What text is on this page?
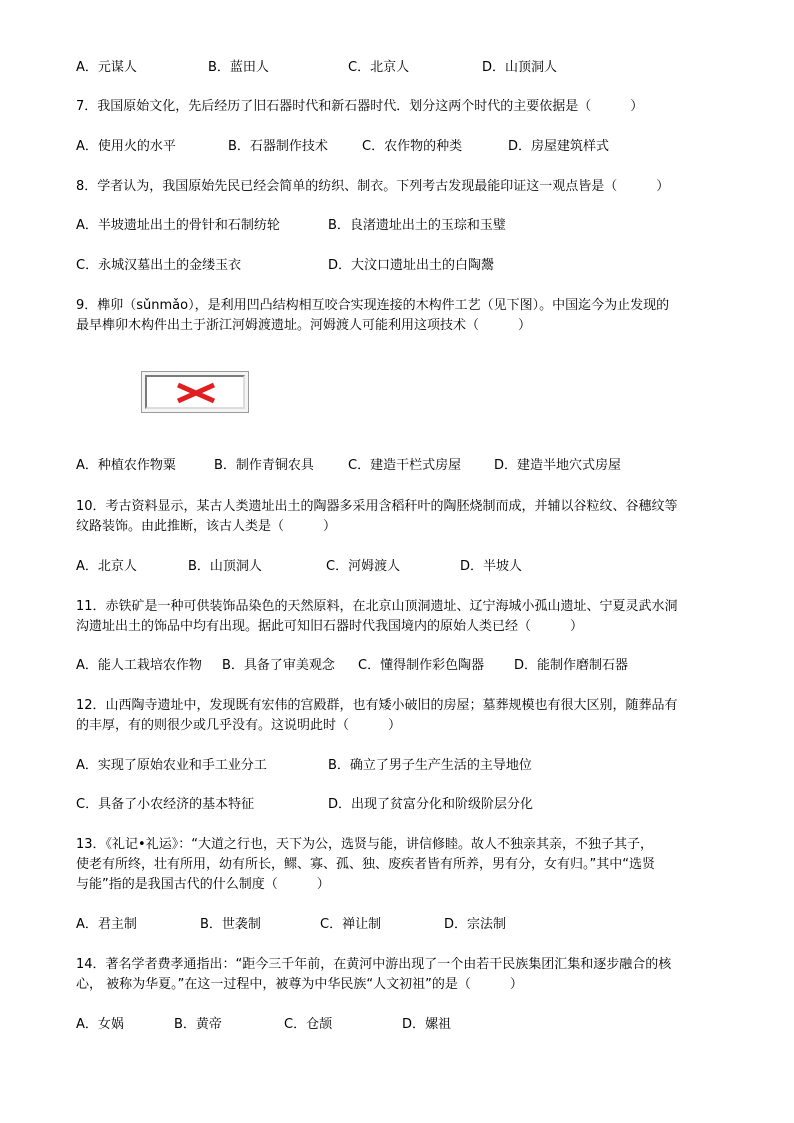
A．元谋人	B．蓝田人	C．北京人	D．山顶洞人
7．我国原始文化，先后经历了旧石器时代和新石器时代．划分这两个时代的主要依据是（　　　）
A．使用火的水平	B．石器制作技术	C．农作物的种类	D．房屋建筑样式
8．学者认为，我国原始先民已经会简单的纺织、制衣。下列考古发现最能印证这一观点皆是（　　　）
A．半坡遗址出土的骨针和石制纺轮	B．良渚遗址出土的玉琮和玉璧
C．永城汉墓出土的金缕玉衣	D．大汶口遗址出土的白陶鬶
9．榫卯（sǔnmǎo），是利用凹凸结构相互咬合实现连接的木构件工艺（见下图）。中国迄今为止发现的
最早榫卯木构件出土于浙江河姆渡遗址。河姆渡人可能利用这项技术（　　　）
A．种植农作物粟	B．制作青铜农具	C．建造干栏式房屋	D．建造半地穴式房屋
10．考古资料显示，某古人类遗址出土的陶器多采用含稻秆叶的陶胚烧制而成，并辅以谷粒纹、谷穗纹等
纹路装饰。由此推断，该古人类是（　　　）
A．北京人	B．山顶洞人	C．河姆渡人	D．半坡人
11．赤铁矿是一种可供装饰品染色的天然原料，在北京山顶洞遗址、辽宁海城小孤山遗址、宁夏灵武水洞
沟遗址出土的饰品中均有出现。据此可知旧石器时代我国境内的原始人类已经（　　　）
A．能人工栽培农作物 B．具备了审美观念 C．懂得制作彩色陶器 D．能制作磨制石器
12．山西陶寺遗址中，发现既有宏伟的宫殿群，也有矮小破旧的房屋；墓葬规模也有很大区别，随葬品有
的丰厚，有的则很少或几乎没有。这说明此时（　　　）
A．实现了原始农业和手工业分工	B．确立了男子生产生活的主导地位
C．具备了小农经济的基本特征	D．出现了贫富分化和阶级阶层分化
13．《礼记•礼运》：“大道之行也，天下为公，选贤与能，讲信修睦。故人不独亲其亲，不独子其子，
使老有所终，壮有所用，幼有所长，鳏、寡、孤、独、废疾者皆有所养，男有分，女有归。”其中“选贤
与能”指的是我国古代的什么制度（　　　）
A．君主制	B．世袭制	C．禅让制	D．宗法制
14．著名学者费孝通指出：“距今三千年前，在黄河中游出现了一个由若干民族集团汇集和逐步融合的核
心， 被称为华夏。”在这一过程中，被尊为中华民族“人文初祖”的是（　　　）
A．女娲	B．黄帝	C．仓颉	D．嫘祖
